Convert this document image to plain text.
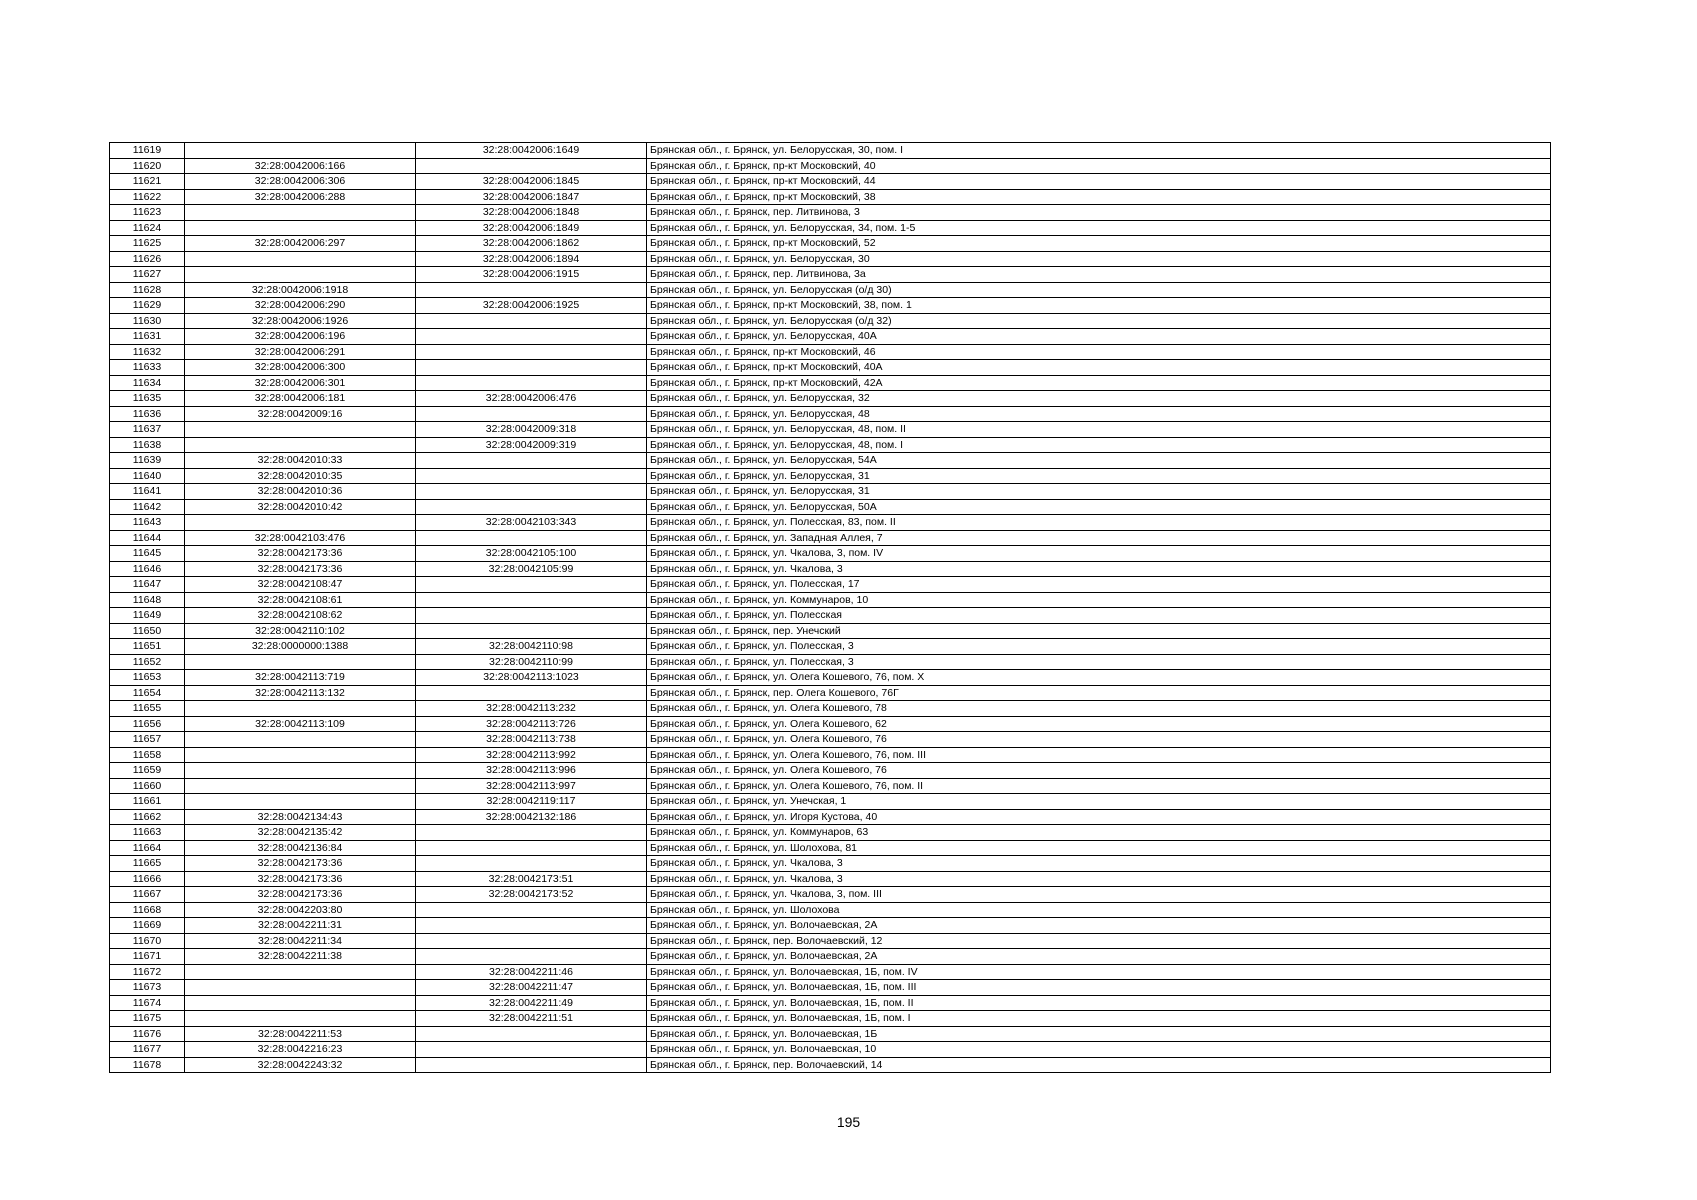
11619		32:28:0042006:1649	Брянская обл., г. Брянск, ул. Белорусская, 30, пом. I
11620	32:28:0042006:166		Брянская обл., г. Брянск, пр-кт Московский, 40
11621	32:28:0042006:306	32:28:0042006:1845	Брянская обл., г. Брянск, пр-кт Московский, 44
11622	32:28:0042006:288	32:28:0042006:1847	Брянская обл., г. Брянск, пр-кт Московский, 38
11623		32:28:0042006:1848	Брянская обл., г. Брянск, пер. Литвинова, 3
11624		32:28:0042006:1849	Брянская обл., г. Брянск, ул. Белорусская, 34, пом. 1-5
11625	32:28:0042006:297	32:28:0042006:1862	Брянская обл., г. Брянск, пр-кт Московский, 52
11626		32:28:0042006:1894	Брянская обл., г. Брянск, ул. Белорусская, 30
11627		32:28:0042006:1915	Брянская обл., г. Брянск, пер. Литвинова, 3а
11628	32:28:0042006:1918		Брянская обл., г. Брянск, ул. Белорусская (о/д 30)
11629	32:28:0042006:290	32:28:0042006:1925	Брянская обл., г. Брянск, пр-кт Московский, 38, пом. 1
11630	32:28:0042006:1926		Брянская обл., г. Брянск, ул. Белорусская (о/д 32)
11631	32:28:0042006:196		Брянская обл., г. Брянск, ул. Белорусская, 40А
11632	32:28:0042006:291		Брянская обл., г. Брянск, пр-кт Московский, 46
11633	32:28:0042006:300		Брянская обл., г. Брянск, пр-кт Московский, 40А
11634	32:28:0042006:301		Брянская обл., г. Брянск, пр-кт Московский, 42А
11635	32:28:0042006:181	32:28:0042006:476	Брянская обл., г. Брянск, ул. Белорусская, 32
11636	32:28:0042009:16		Брянская обл., г. Брянск, ул. Белорусская, 48
11637		32:28:0042009:318	Брянская обл., г. Брянск, ул. Белорусская, 48, пом. II
11638		32:28:0042009:319	Брянская обл., г. Брянск, ул. Белорусская, 48, пом. I
11639	32:28:0042010:33		Брянская обл., г. Брянск, ул. Белорусская, 54А
11640	32:28:0042010:35		Брянская обл., г. Брянск, ул. Белорусская, 31
11641	32:28:0042010:36		Брянская обл., г. Брянск, ул. Белорусская, 31
11642	32:28:0042010:42		Брянская обл., г. Брянск, ул. Белорусская, 50А
11643		32:28:0042103:343	Брянская обл., г. Брянск, ул. Полесская, 83, пом. II
11644	32:28:0042103:476		Брянская обл., г. Брянск, ул. Западная Аллея, 7
11645	32:28:0042173:36	32:28:0042105:100	Брянская обл., г. Брянск, ул. Чкалова, 3, пом. IV
11646	32:28:0042173:36	32:28:0042105:99	Брянская обл., г. Брянск, ул. Чкалова, 3
11647	32:28:0042108:47		Брянская обл., г. Брянск, ул. Полесская, 17
11648	32:28:0042108:61		Брянская обл., г. Брянск, ул. Коммунаров, 10
11649	32:28:0042108:62		Брянская обл., г. Брянск, ул. Полесская
11650	32:28:0042110:102		Брянская обл., г. Брянск, пер. Унечский
11651	32:28:0000000:1388	32:28:0042110:98	Брянская обл., г. Брянск, ул. Полесская, 3
11652		32:28:0042110:99	Брянская обл., г. Брянск, ул. Полесская, 3
11653	32:28:0042113:719	32:28:0042113:1023	Брянская обл., г. Брянск, ул. Олега Кошевого, 76, пом. X
11654	32:28:0042113:132		Брянская обл., г. Брянск, пер. Олега Кошевого, 76Г
11655		32:28:0042113:232	Брянская обл., г. Брянск, ул. Олега Кошевого, 78
11656	32:28:0042113:109	32:28:0042113:726	Брянская обл., г. Брянск, ул. Олега Кошевого, 62
11657		32:28:0042113:738	Брянская обл., г. Брянск, ул. Олега Кошевого, 76
11658		32:28:0042113:992	Брянская обл., г. Брянск, ул. Олега Кошевого, 76, пом. III
11659		32:28:0042113:996	Брянская обл., г. Брянск, ул. Олега Кошевого, 76
11660		32:28:0042113:997	Брянская обл., г. Брянск, ул. Олега Кошевого, 76, пом. II
11661		32:28:0042119:117	Брянская обл., г. Брянск, ул. Унечская, 1
11662	32:28:0042134:43	32:28:0042132:186	Брянская обл., г. Брянск, ул. Игоря Кустова, 40
11663	32:28:0042135:42		Брянская обл., г. Брянск, ул. Коммунаров, 63
11664	32:28:0042136:84		Брянская обл., г. Брянск, ул. Шолохова, 81
11665	32:28:0042173:36		Брянская обл., г. Брянск, ул. Чкалова, 3
11666	32:28:0042173:36	32:28:0042173:51	Брянская обл., г. Брянск, ул. Чкалова, 3
11667	32:28:0042173:36	32:28:0042173:52	Брянская обл., г. Брянск, ул. Чкалова, 3, пом. III
11668	32:28:0042203:80		Брянская обл., г. Брянск, ул. Шолохова
11669	32:28:0042211:31		Брянская обл., г. Брянск, ул. Волочаевская, 2А
11670	32:28:0042211:34		Брянская обл., г. Брянск, пер. Волочаевский, 12
11671	32:28:0042211:38		Брянская обл., г. Брянск, ул. Волочаевская, 2А
11672		32:28:0042211:46	Брянская обл., г. Брянск, ул. Волочаевская, 1Б, пом. IV
11673		32:28:0042211:47	Брянская обл., г. Брянск, ул. Волочаевская, 1Б, пом. III
11674		32:28:0042211:49	Брянская обл., г. Брянск, ул. Волочаевская, 1Б, пом. II
11675		32:28:0042211:51	Брянская обл., г. Брянск, ул. Волочаевская, 1Б, пом. I
11676	32:28:0042211:53		Брянская обл., г. Брянск, ул. Волочаевская, 1Б
11677	32:28:0042216:23		Брянская обл., г. Брянск, ул. Волочаевская, 10
11678	32:28:0042243:32		Брянская обл., г. Брянск, пер. Волочаевский, 14
195
